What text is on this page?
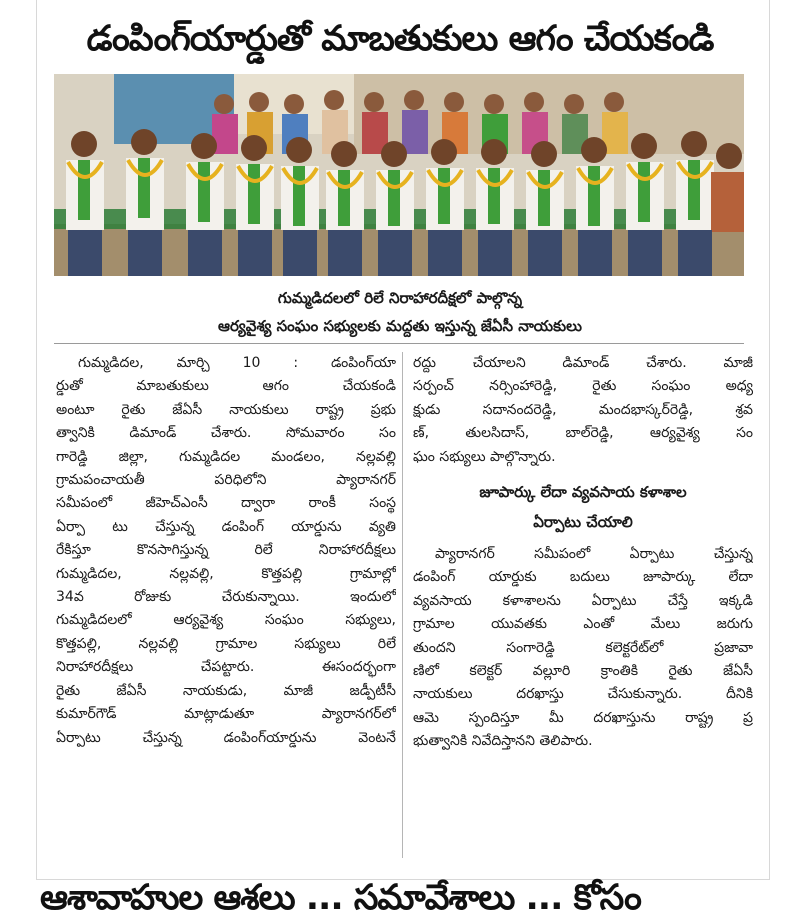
డంపింగ్‌యార్డుతో మాబతుకులు ఆగం చేయకండి
గుమ్మడిదలలో రిలే నిరాహారదీక్షలో పాల్గొన్న
ఆర్యవైశ్య సంఘం సభ్యులకు మద్దతు ఇస్తున్న జేఏసీ నాయకులు

గుమ్మడిదల, మార్చి 10 : డంపింగ్‌యా
ర్డుతో మాబతుకులు ఆగం చేయకండి
అంటూ రైతు జేఏసీ నాయకులు రాష్ట్ర ప్రభు
త్వానికి డిమాండ్ చేశారు. సోమవారం సం
గారెడ్డి జిల్లా, గుమ్మడిదల మండలం, నల్లవల్లి
గ్రామపంచాయతీ పరిధిలోని ప్యారానగర్
సమీపంలో జీహెచ్ఎంసీ ద్వారా రాంకీ సంస్థ
ఏర్పా టు చేస్తున్న డంపింగ్ యార్డును వ్యతి
రేకిస్తూ కొనసాగిస్తున్న రిలే నిరాహారదీక్షలు
గుమ్మడిదల, నల్లవల్లి, కొత్తపల్లి గ్రామాల్లో
34వ రోజుకు చేరుకున్నాయి. ఇందులో
గుమ్మడిదలలో ఆర్యవైశ్య సంఘం సభ్యులు,
కొత్తపల్లి, నల్లవల్లి గ్రామాల సభ్యులు రిలే
నిరాహారదీక్షలు చేపట్టారు. ఈసందర్భంగా
రైతు జేఏసీ నాయకుడు, మాజీ జడ్పీటీసీ
కుమార్‌గౌడ్ మాట్లాడుతూ ప్యారానగర్‌లో
ఏర్పాటు చేస్తున్న డంపింగ్‌యార్డును వెంటనే

రద్దు చేయాలని డిమాండ్ చేశారు. మాజీ
సర్పంచ్ నర్సింహారెడ్డి, రైతు సంఘం అధ్య
క్షుడు సదానందరెడ్డి, మందభాస్కర్‌రెడ్డి, శ్రవ
ణ్, తులసిదాస్, బాల్‌రెడ్డి, ఆర్యవైశ్య సం
ఘం సభ్యులు పాల్గొన్నారు.

జూపార్కు లేదా వ్యవసాయ కళాశాల
ఏర్పాటు చేయాలి

ప్యారానగర్ సమీపంలో ఏర్పాటు చేస్తున్న
డంపింగ్ యార్డుకు బదులు జూపార్కు లేదా
వ్యవసాయ కళాశాలను ఏర్పాటు చేస్తే ఇక్కడి
గ్రామాల యువతకు ఎంతో మేలు జరుగు
తుందని సంగారెడ్డి కలెక్టరేట్‌లో ప్రజావా
ణిలో కలెక్టర్ వల్లూరి క్రాంతికి రైతు జేఏసీ
నాయకులు దరఖాస్తు చేసుకున్నారు. దీనికి
ఆమె స్పందిస్తూ మీ దరఖాస్తును రాష్ట్ర ప్ర
భుత్వానికి నివేదిస్తానని తెలిపారు.

ఆశావాహుల ఆశలు ... సమావేశాలు ... కోసం
